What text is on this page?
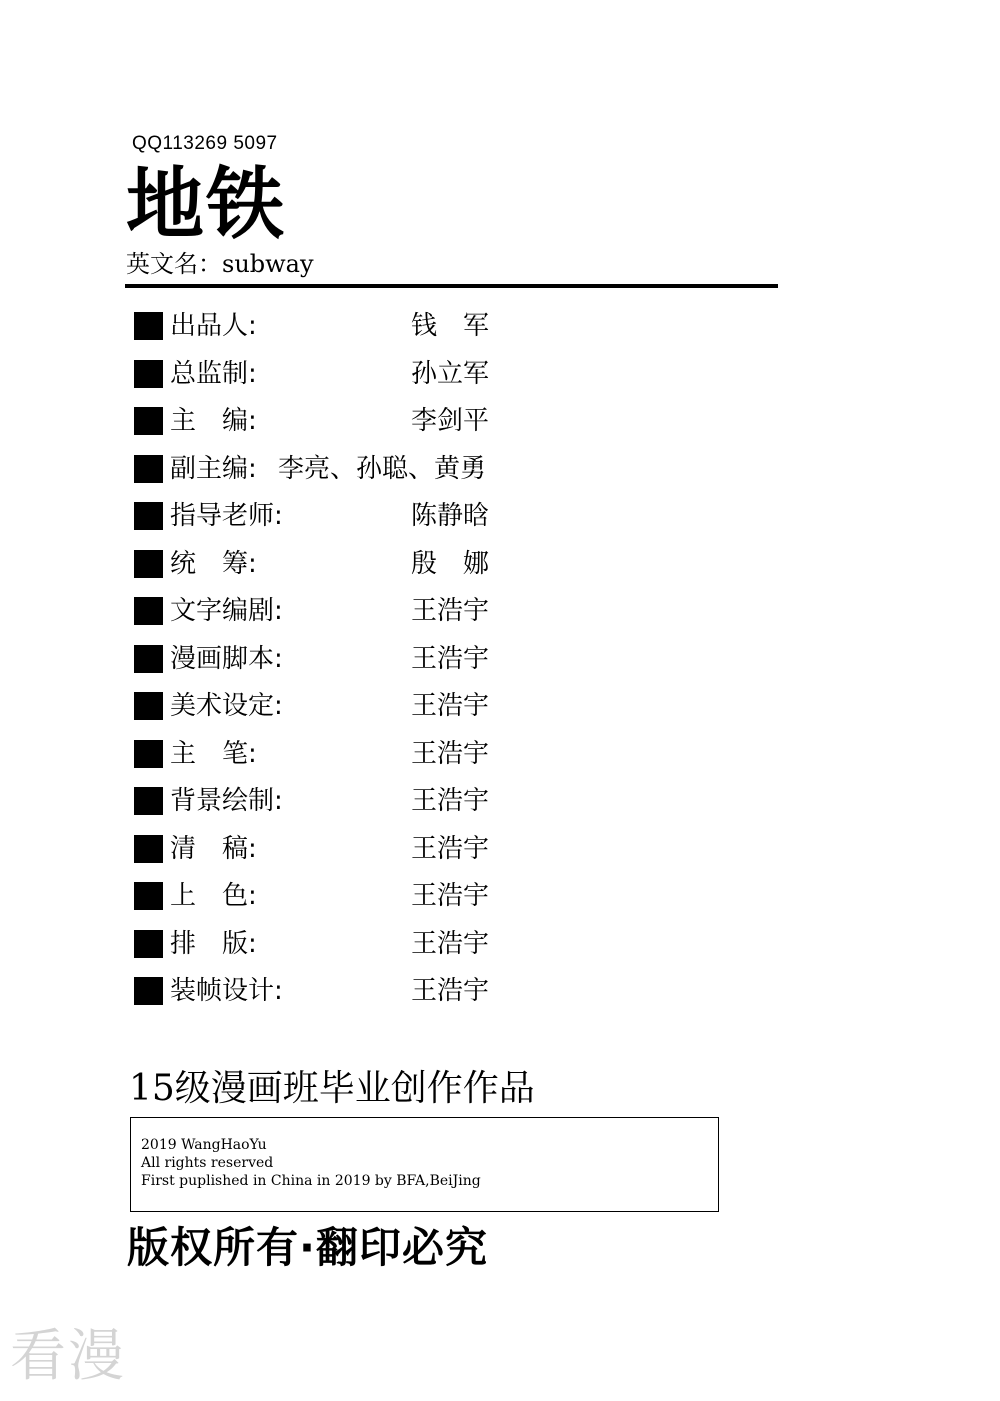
QQ113269 5097
地铁
英文名：subway
出品人:	钱　军
总监制:	孙立军
主　编:	李剑平
副主编: 李亮、孙聪、黄勇
指导老师:	陈静晗
统　筹:	殷　娜
文字编剧:	王浩宇
漫画脚本:	王浩宇
美术设定:	王浩宇
主　笔:	王浩宇
背景绘制:	王浩宇
清　稿:	王浩宇
上　色:	王浩宇
排　版:	王浩宇
装帧设计:	王浩宇
15级漫画班毕业创作作品
2019 WangHaoYu
All rights reserved
First puplished in China in 2019 by BFA,BeiJing
版权所有·翻印必究
看漫
